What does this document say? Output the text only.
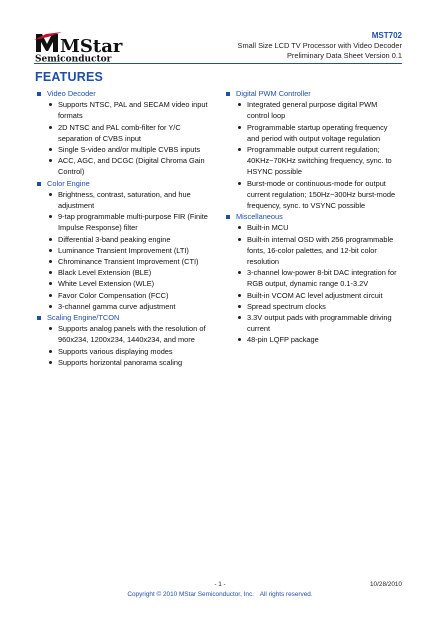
MStar
Semiconductor
MST702
Small Size LCD TV Processor with Video Decoder
Preliminary Data Sheet Version 0.1
FEATURES
Video Decoder
Supports NTSC, PAL and SECAM video input
formats
2D NTSC and PAL comb-filter for Y/C
separation of CVBS input
Single S-video and/or multiple CVBS inputs
ACC, AGC, and DCGC (Digital Chroma Gain
Control)
Color Engine
Brightness, contrast, saturation, and hue
adjustment
9-tap programmable multi-purpose FIR (Finite
Impulse Response) filter
Differential 3-band peaking engine
Luminance Transient Improvement (LTI)
Chrominance Transient Improvement (CTI)
Black Level Extension (BLE)
White Level Extension (WLE)
Favor Color Compensation (FCC)
3-channel gamma curve adjustment
Scaling Engine/TCON
Supports analog panels with the resolution of
960x234, 1200x234, 1440x234, and more
Supports various displaying modes
Supports horizontal panorama scaling
Digital PWM Controller
Integrated general purpose digital PWM
control loop
Programmable startup operating frequency
and period with output voltage regulation
Programmable output current regulation;
40KHz~70KHz switching frequency, sync. to
HSYNC possible
Burst-mode or continuous-mode for output
current regulation; 150Hz~300Hz burst-mode
frequency, sync. to VSYNC possible
Miscellaneous
Built-in MCU
Built-in internal OSD with 256 programmable
fonts, 16-color palettes, and 12-bit color
resolution
3-channel low-power 8-bit DAC integration for
RGB output, dynamic range 0.1-3.2V
Built-in VCOM AC level adjustment circuit
Spread spectrum clocks
3.3V output pads with programmable driving
current
48-pin LQFP package
- 1 -	10/28/2010
Copyright © 2010 MStar Semiconductor, Inc. All rights reserved.
